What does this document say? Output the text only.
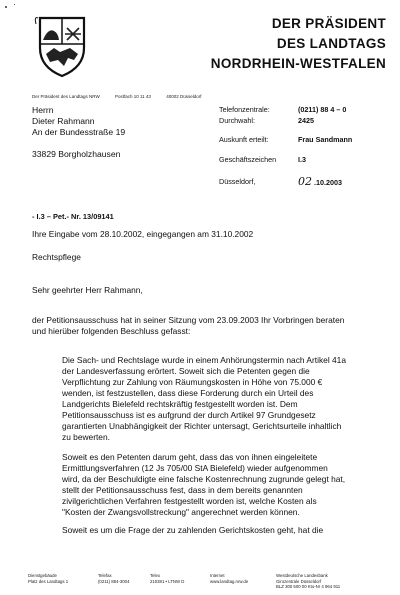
DER PRÄSIDENT
DES LANDTAGS
NORDRHEIN-WESTFALEN
Der Präsident des Landtags NRW	Postfach 10 11 43	40002 Düsseldorf
Herrn
Dieter Rahmann
An der Bundesstraße 19
33829 Borgholzhausen
Telefonzentrale:	(0211) 88 4 – 0
Durchwahl:	2425
Auskunft erteilt:	Frau Sandmann
Geschäftszeichen	I.3
Düsseldorf,	02 .10.2003
- I.3 – Pet.- Nr. 13/09141
Ihre Eingabe vom 28.10.2002, eingegangen am 31.10.2002
Rechtspflege
Sehr geehrter Herr Rahmann,
der Petitionsausschuss hat in seiner Sitzung vom 23.09.2003 Ihr Vorbringen beraten
und hierüber folgenden Beschluss gefasst:
Die Sach- und Rechtslage wurde in einem Anhörungstermin nach Artikel 41a
der Landesverfassung erörtert. Soweit sich die Petenten gegen die
Verpflichtung zur Zahlung von Räumungskosten in Höhe von 75.000 €
wenden, ist festzustellen, dass diese Forderung durch ein Urteil des
Landgerichts Bielefeld rechtskräftig festgestellt worden ist. Dem
Petitionsausschuss ist es aufgrund der durch Artikel 97 Grundgesetz
garantierten Unabhängigkeit der Richter untersagt, Gerichtsurteile inhaltlich
zu bewerten.
Soweit es den Petenten darum geht, dass das von ihnen eingeleitete
Ermittlungsverfahren (12 Js 705/00 StA Bielefeld) wieder aufgenommen
wird, da der Beschuldigte eine falsche Kostenrechnung zugrunde gelegt hat,
stellt der Petitionsausschuss fest, dass in dem bereits genannten
zivilgerichtlichen Verfahren festgestellt worden ist, welche Kosten als
"Kosten der Zwangsvollstreckung" angerechnet werden können.
Soweit es um die Frage der zu zahlenden Gerichtskosten geht, hat die
Dienstgebäude
Platz des Landtags 1
Telefax
(0211) 884-3004
Telex
210381 • LTNW D
Internet
www.landtag.nrw.de
Westdeutsche Landesbank
Girozentrale Düsseldorf
BLZ 300 500 00 Kto-Nr 4 964 911
